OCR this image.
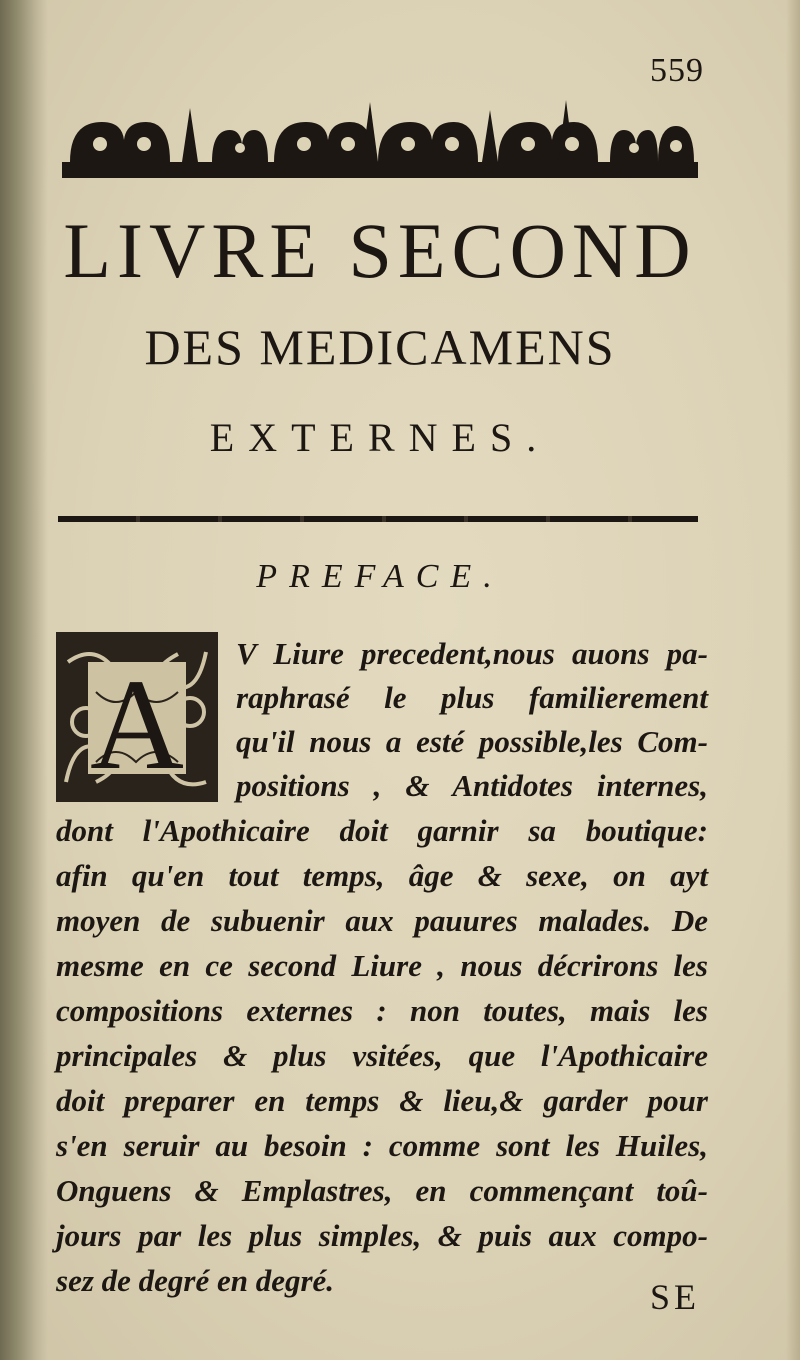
559
LIVRE SECOND
DES MEDICAMENS
EXTERNES.
PREFACE.
A V Liure precedent,nous auons pa-
raphrasé le plus familierement
qu'il nous a esté possible,les Com-
positions , & Antidotes internes,
dont l'Apothicaire doit garnir sa boutique:
afin qu'en tout temps, âge & sexe, on ayt
moyen de subuenir aux pauures malades. De
mesme en ce second Liure , nous décrirons les
compositions externes : non toutes, mais les
principales & plus vsitées, que l'Apothicaire
doit preparer en temps & lieu,& garder pour
s'en seruir au besoin : comme sont les Huiles,
Onguens & Emplastres, en commençant toû-
jours par les plus simples, & puis aux compo-
sez de degré en degré.	SE
